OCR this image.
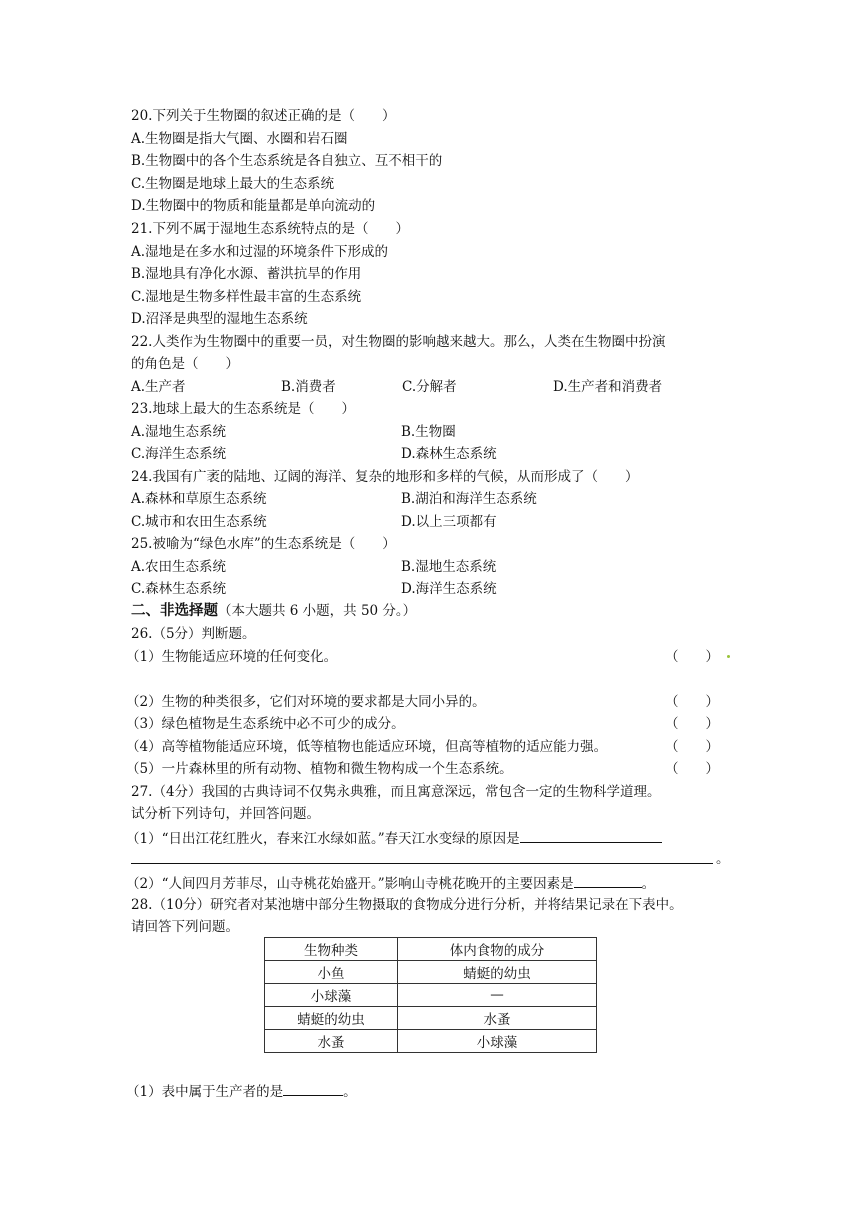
20.下列关于生物圈的叙述正确的是（　　）
A.生物圈是指大气圈、水圈和岩石圈
B.生物圈中的各个生态系统是各自独立、互不相干的
C.生物圈是地球上最大的生态系统
D.生物圈中的物质和能量都是单向流动的
21.下列不属于湿地生态系统特点的是（　　）
A.湿地是在多水和过湿的环境条件下形成的
B.湿地具有净化水源、蓄洪抗旱的作用
C.湿地是生物多样性最丰富的生态系统
D.沼泽是典型的湿地生态系统
22.人类作为生物圈中的重要一员，对生物圈的影响越来越大。那么，人类在生物圈中扮演
的角色是（　　）
A.生产者	B.消费者	C.分解者	D.生产者和消费者
23.地球上最大的生态系统是（　　）
A.湿地生态系统	B.生物圈
C.海洋生态系统	D.森林生态系统
24.我国有广袤的陆地、辽阔的海洋、复杂的地形和多样的气候，从而形成了（　　）
A.森林和草原生态系统	B.湖泊和海洋生态系统
C.城市和农田生态系统	D.以上三项都有
25.被喻为“绿色水库”的生态系统是（　　）
A.农田生态系统	B.湿地生态系统
C.森林生态系统	D.海洋生态系统
二、非选择题（本大题共 6 小题，共 50 分。）
26.（5分）判断题。
（1）生物能适应环境的任何变化。	（　　）
（2）生物的种类很多，它们对环境的要求都是大同小异的。	（　　）
（3）绿色植物是生态系统中必不可少的成分。	（　　）
（4）高等植物能适应环境，低等植物也能适应环境，但高等植物的适应能力强。	（　　）
（5）一片森林里的所有动物、植物和微生物构成一个生态系统。	（　　）
27.（4分）我国的古典诗词不仅隽永典雅，而且寓意深远，常包含一定的生物科学道理。
试分析下列诗句，并回答问题。
（1）“日出江花红胜火，春来江水绿如蓝。”春天江水变绿的原因是
。
（2）“人间四月芳菲尽，山寺桃花始盛开。”影响山寺桃花晚开的主要因素是	。
28.（10分）研究者对某池塘中部分生物摄取的食物成分进行分析，并将结果记录在下表中。
请回答下列问题。
生物种类	体内食物的成分
小鱼	蜻蜓的幼虫
小球藻	—
蜻蜓的幼虫	水蚤
水蚤	小球藻
（1）表中属于生产者的是	。
